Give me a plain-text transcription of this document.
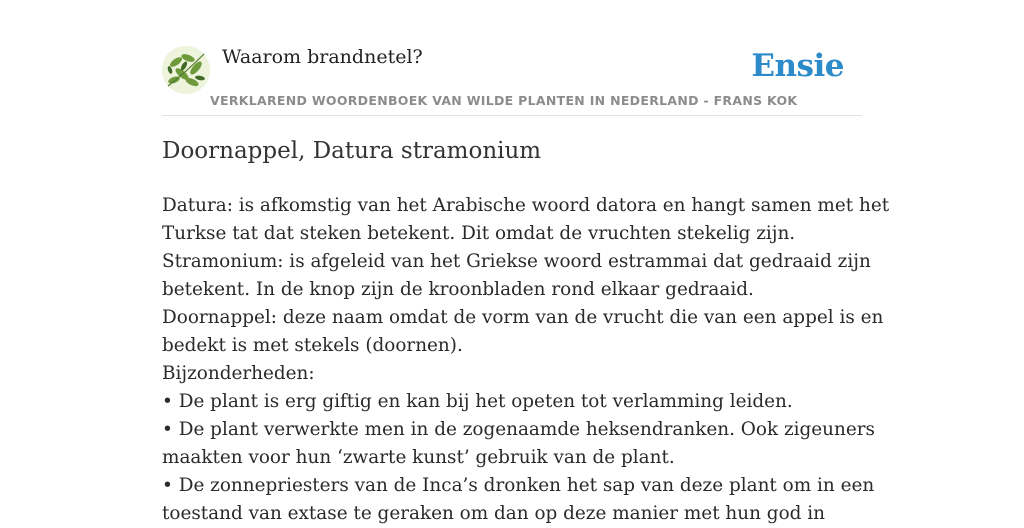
Waarom brandnetel?
VERKLAREND WOORDENBOEK VAN WILDE PLANTEN IN NEDERLAND - FRANS KOK
Ensie
Doornappel, Datura stramonium

Datura: is afkomstig van het Arabische woord datora en hangt samen met het

Turkse tat dat steken betekent. Dit omdat de vruchten stekelig zijn.

Stramonium: is afgeleid van het Griekse woord estrammai dat gedraaid zijn

betekent. In de knop zijn de kroonbladen rond elkaar gedraaid.

Doornappel: deze naam omdat de vorm van de vrucht die van een appel is en

bedekt is met stekels (doornen).

Bijzonderheden:

• De plant is erg giftig en kan bij het opeten tot verlamming leiden.

• De plant verwerkte men in de zogenaamde heksendranken. Ook zigeuners

maakten voor hun ‘zwarte kunst’ gebruik van de plant.

• De zonnepriesters van de Inca’s dronken het sap van deze plant om in een

toestand van extase te geraken om dan op deze manier met hun god in
